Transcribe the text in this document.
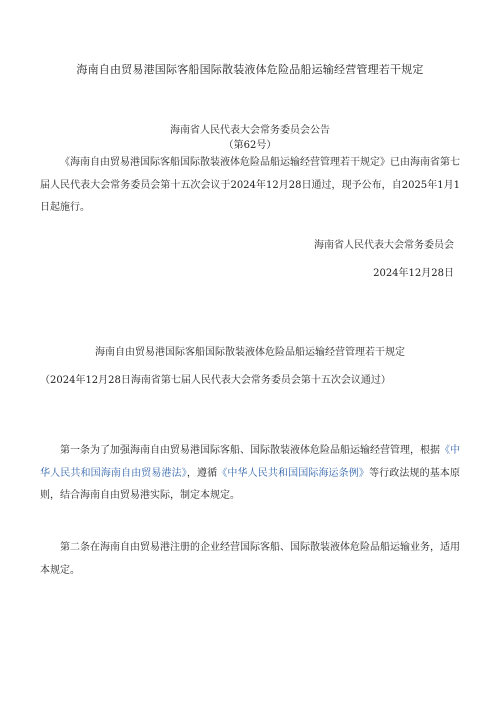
海南自由贸易港国际客船国际散装液体危险品船运输经营管理若干规定
海南省人民代表大会常务委员会公告
（第62号）
《海南自由贸易港国际客船国际散装液体危险品船运输经营管理若干规定》已由海南省第七届人民代表大会常务委员会第十五次会议于2024年12月28日通过，现予公布，自2025年1月1日起施行。
海南省人民代表大会常务委员会
2024年12月28日
海南自由贸易港国际客船国际散装液体危险品船运输经营管理若干规定
（2024年12月28日海南省第七届人民代表大会常务委员会第十五次会议通过）
第一条为了加强海南自由贸易港国际客船、国际散装液体危险品船运输经营管理，根据《中华人民共和国海南自由贸易港法》，遵循《中华人民共和国国际海运条例》等行政法规的基本原则，结合海南自由贸易港实际，制定本规定。
第二条在海南自由贸易港注册的企业经营国际客船、国际散装液体危险品船运输业务，适用本规定。
